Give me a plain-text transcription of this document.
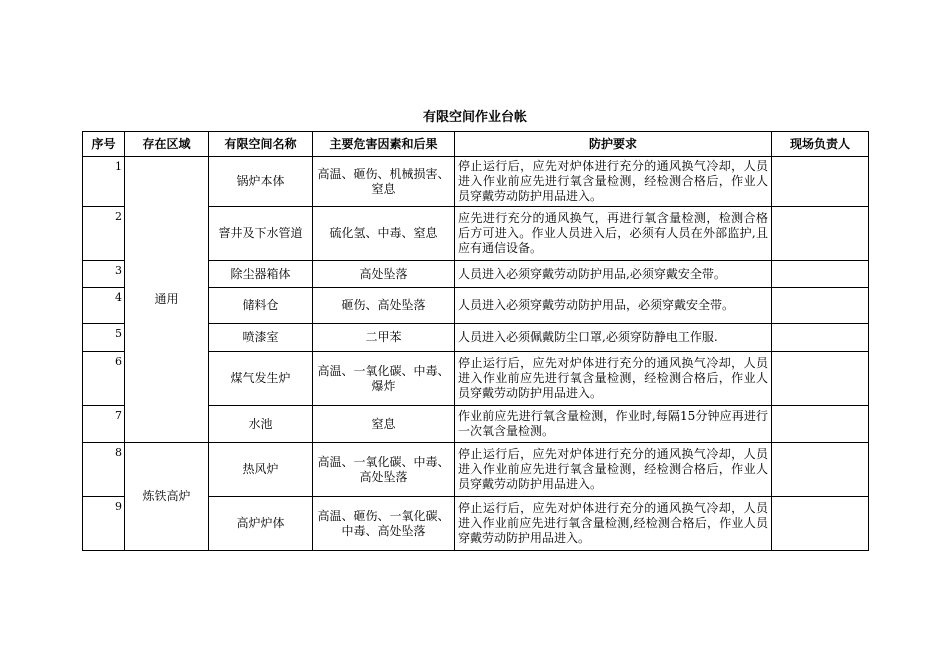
有限空间作业台帐
序号	存在区域	有限空间名称	主要危害因素和后果	防护要求	现场负责人
1	通用	锅炉本体	高温、砸伤、机械损害、窒息	停止运行后，应先对炉体进行充分的通风换气冷却，人员进入作业前应先进行氧含量检测，经检测合格后，作业人员穿戴劳动防护用品进入。	
2		窨井及下水管道	硫化氢、中毒、窒息	应先进行充分的通风换气，再进行氧含量检测，检测合格后方可进入。作业人员进入后，必须有人员在外部监护,且应有通信设备。	
3		除尘器箱体	高处坠落	人员进入必须穿戴劳动防护用品,必须穿戴安全带。	
4		储料仓	砸伤、高处坠落	人员进入必须穿戴劳动防护用品，必须穿戴安全带。	
5		喷漆室	二甲苯	人员进入必须佩戴防尘口罩,必须穿防静电工作服.	
6		煤气发生炉	高温、一氧化碳、中毒、爆炸	停止运行后，应先对炉体进行充分的通风换气冷却，人员进入作业前应先进行氧含量检测，经检测合格后，作业人员穿戴劳动防护用品进入。	
7		水池	窒息	作业前应先进行氧含量检测，作业时,每隔15分钟应再进行一次氧含量检测。	
8	炼铁高炉	热风炉	高温、一氧化碳、中毒、高处坠落	停止运行后，应先对炉体进行充分的通风换气冷却，人员进入作业前应先进行氧含量检测，经检测合格后，作业人员穿戴劳动防护用品进入。	
9		高炉炉体	高温、砸伤、一氧化碳、中毒、高处坠落	停止运行后，应先对炉体进行充分的通风换气冷却，人员进入作业前应先进行氧含量检测,经检测合格后，作业人员穿戴劳动防护用品进入。	
